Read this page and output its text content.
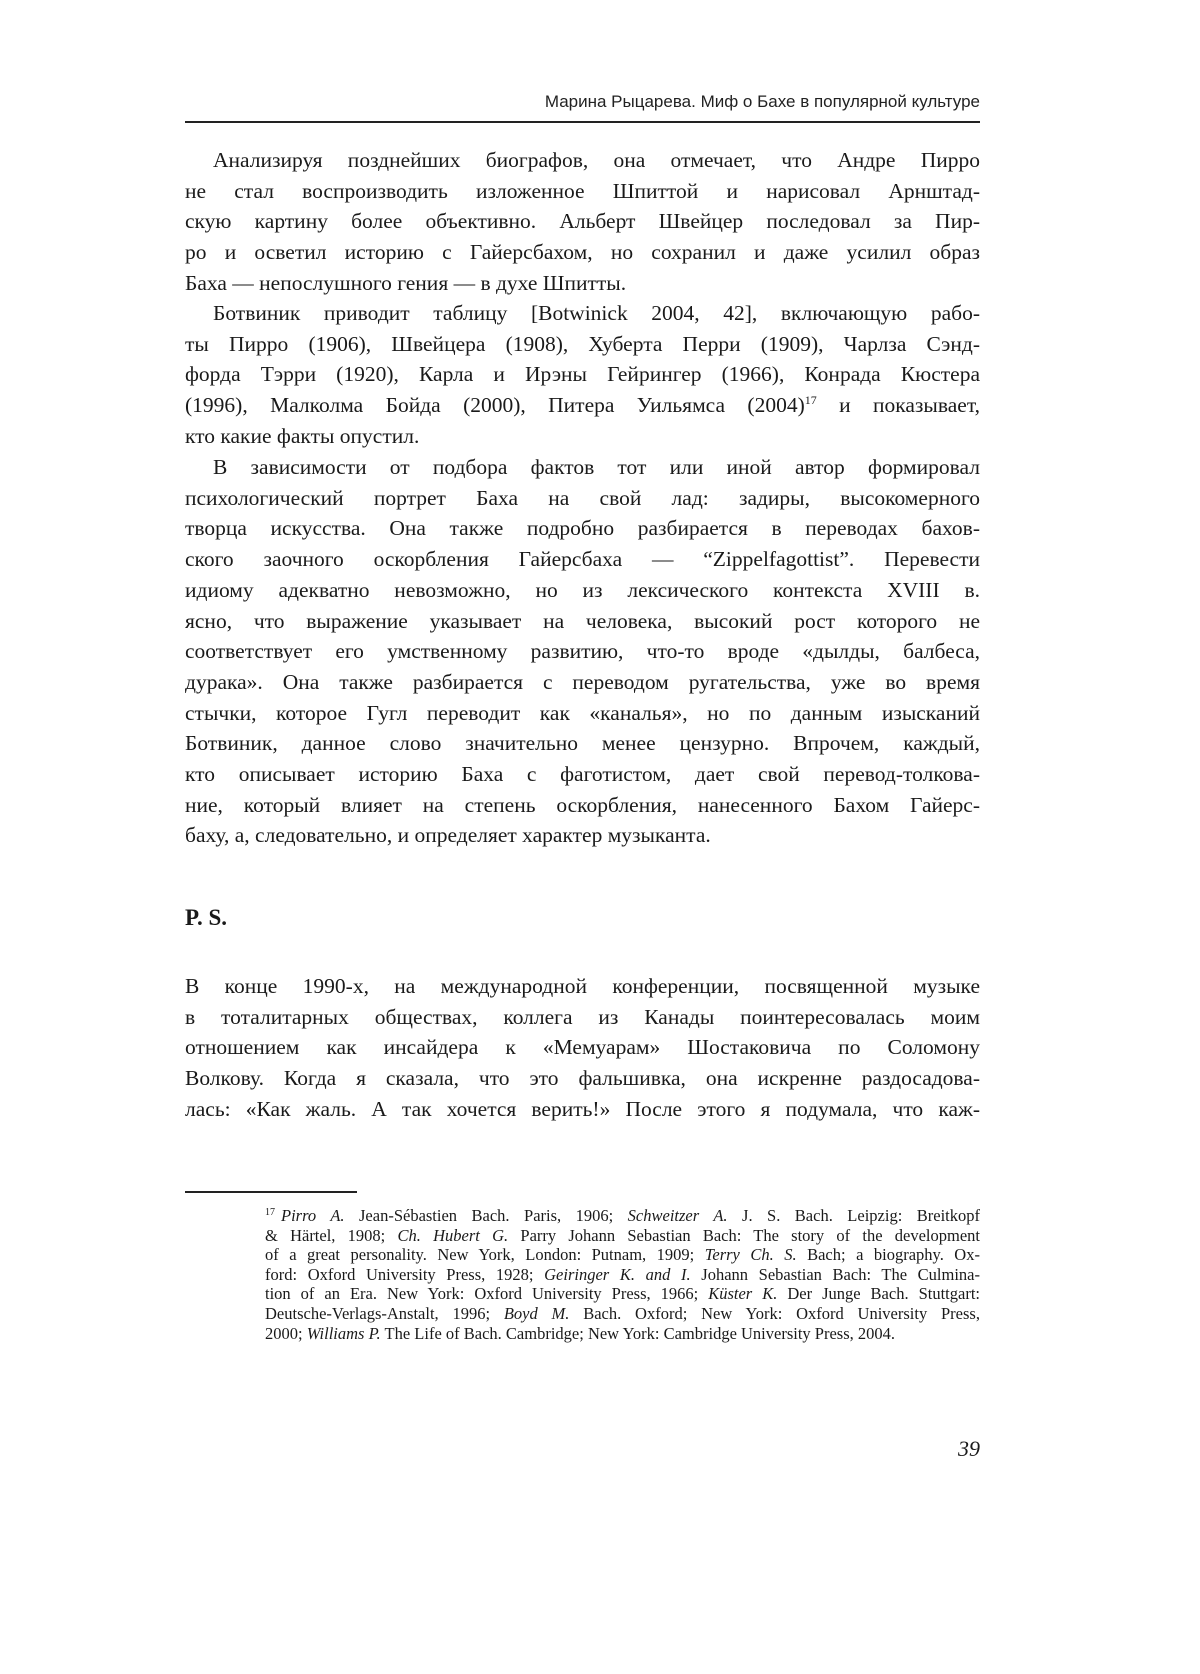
Марина Рыцарева. Миф о Бахе в популярной культуре
Анализируя позднейших биографов, она отмечает, что Андре Пирро
не стал воспроизводить изложенное Шпиттой и нарисовал Арнштад-
скую картину более объективно. Альберт Швейцер последовал за Пир-
ро и осветил историю с Гайерсбахом, но сохранил и даже усилил образ
Баха — непослушного гения — в духе Шпитты.
Ботвиник приводит таблицу [Botwinick 2004, 42], включающую рабо-
ты Пирро (1906), Швейцера (1908), Хуберта Перри (1909), Чарлза Сэнд-
форда Тэрри (1920), Карла и Ирэны Гейрингер (1966), Конрада Кюстера
(1996), Малколма Бойда (2000), Питера Уильямса (2004)17 и показывает,
кто какие факты опустил.
В зависимости от подбора фактов тот или иной автор формировал
психологический портрет Баха на свой лад: задиры, высокомерного
творца искусства. Она также подробно разбирается в переводах бахов-
ского заочного оскорбления Гайерсбаха — “Zippelfagottist”. Перевести
идиому адекватно невозможно, но из лексического контекста XVIII в.
ясно, что выражение указывает на человека, высокий рост которого не
соответствует его умственному развитию, что-то вроде «дылды, балбеса,
дурака». Она также разбирается с переводом ругательства, уже во время
стычки, которое Гугл переводит как «каналья», но по данным изысканий
Ботвиник, данное слово значительно менее цензурно. Впрочем, каждый,
кто описывает историю Баха с фаготистом, дает свой перевод-толкова-
ние, который влияет на степень оскорбления, нанесенного Бахом Гайерс-
баху, а, следовательно, и определяет характер музыканта.
P. S.
В конце 1990-х, на международной конференции, посвященной музыке
в тоталитарных обществах, коллега из Канады поинтересовалась моим
отношением как инсайдера к «Мемуарам» Шостаковича по Соломону
Волкову. Когда я сказала, что это фальшивка, она искренне раздосадова-
лась: «Как жаль. А так хочется верить!» После этого я подумала, что каж-
17 Pirro A. Jean-Sébastien Bach. Paris, 1906; Schweitzer A. J. S. Bach. Leipzig: Breitkopf
& Härtel, 1908; Ch. Hubert G. Parry Johann Sebastian Bach: The story of the development
of a great personality. New York, London: Putnam, 1909; Terry Ch. S. Bach; a biography. Ox-
ford: Oxford University Press, 1928; Geiringer K. and I. Johann Sebastian Bach: The Culmina-
tion of an Era. New York: Oxford University Press, 1966; Küster K. Der Junge Bach. Stuttgart:
Deutsche-Verlags-Anstalt, 1996; Boyd M. Bach. Oxford; New York: Oxford University Press,
2000; Williams P. The Life of Bach. Cambridge; New York: Cambridge University Press, 2004.
39
